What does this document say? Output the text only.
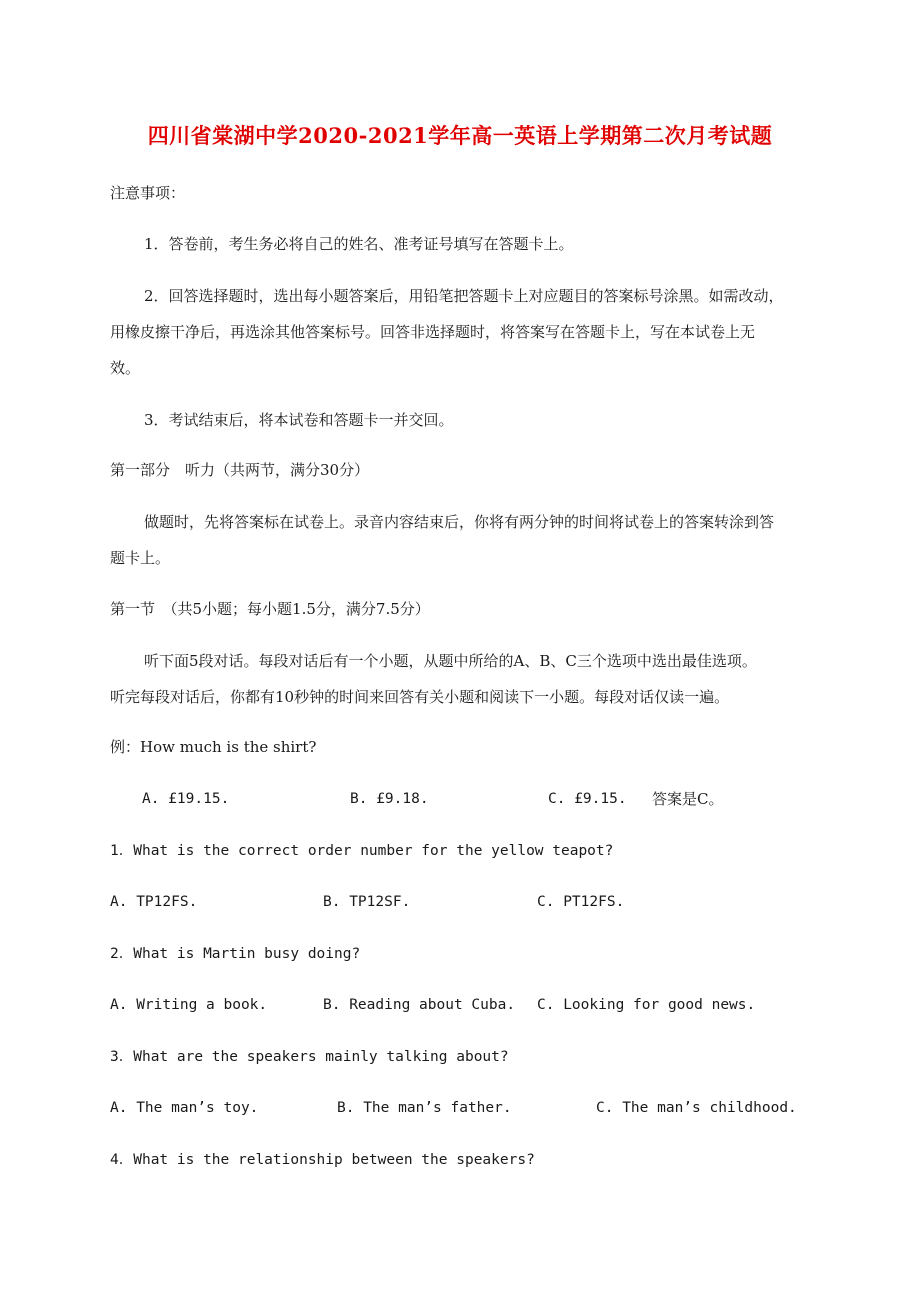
四川省棠湖中学2020-2021学年高一英语上学期第二次月考试题
注意事项：
1．答卷前，考生务必将自己的姓名、准考证号填写在答题卡上。
2．回答选择题时，选出每小题答案后，用铅笔把答题卡上对应题目的答案标号涂黑。如需改动，
用橡皮擦干净后，再选涂其他答案标号。回答非选择题时，将答案写在答题卡上，写在本试卷上无
效。
3．考试结束后，将本试卷和答题卡一并交回。
第一部分　听力（共两节，满分30分）
做题时，先将答案标在试卷上。录音内容结束后，你将有两分钟的时间将试卷上的答案转涂到答
题卡上。
第一节　（共5小题；每小题1.5分，满分7.5分）
听下面5段对话。每段对话后有一个小题，从题中所给的A、B、C三个选项中选出最佳选项。
听完每段对话后，你都有10秒钟的时间来回答有关小题和阅读下一小题。每段对话仅读一遍。
例：How much is the shirt?
A. £19.15.	B. £9.18.	C. £9.15. 答案是C。
1．What is the correct order number for the yellow teapot?
A. TP12FS.	B. TP12SF.	C. PT12FS.
2．What is Martin busy doing?
A. Writing a book.	B. Reading about Cuba. C. Looking for good news.
3．What are the speakers mainly talking about?
A. The man’s toy.	B. The man’s father.	C. The man’s childhood.
4．What is the relationship between the speakers?
